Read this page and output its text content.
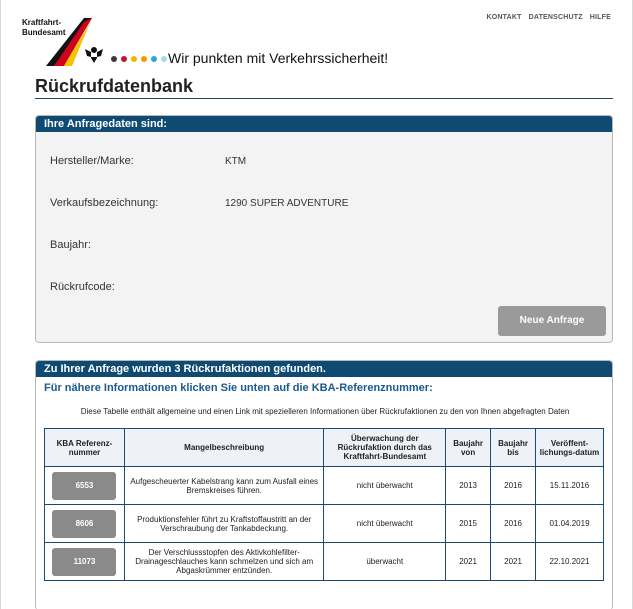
Kraftfahrt-
Bundesamt
Wir punkten mit Verkehrssicherheit!
KONTAKT DATENSCHUTZ HILFE
Rückrufdatenbank
Ihre Anfragedaten sind:
Hersteller/Marke:	KTM
Verkaufsbezeichnung:	1290 SUPER ADVENTURE
Baujahr:
Rückrufcode:
Neue Anfrage
Zu Ihrer Anfrage wurden 3 Rückrufaktionen gefunden.
Für nähere Informationen klicken Sie unten auf die KBA-Referenznummer:
Diese Tabelle enthält allgemeine und einen Link mit spezielleren Informationen über Rückrufaktionen zu den von Ihnen abgefragten Daten
KBA Referenz-nummer	Mangelbeschreibung	Überwachung der Rückrufaktion durch das Kraftfahrt-Bundesamt	Baujahr von	Baujahr bis	Veröffent-lichungs-datum
6553	Aufgescheuerter Kabelstrang kann zum Ausfall eines Bremskreises führen.	nicht überwacht	2013	2016	15.11.2016
8606	Produktionsfehler führt zu Kraftstoffaustritt an der Verschraubung der Tankabdeckung.	nicht überwacht	2015	2016	01.04.2019
11073	Der Verschlussstopfen des Aktivkohlefilter-Drainageschlauches kann schmelzen und sich am Abgaskrümmer entzünden.	überwacht	2021	2021	22.10.2021
